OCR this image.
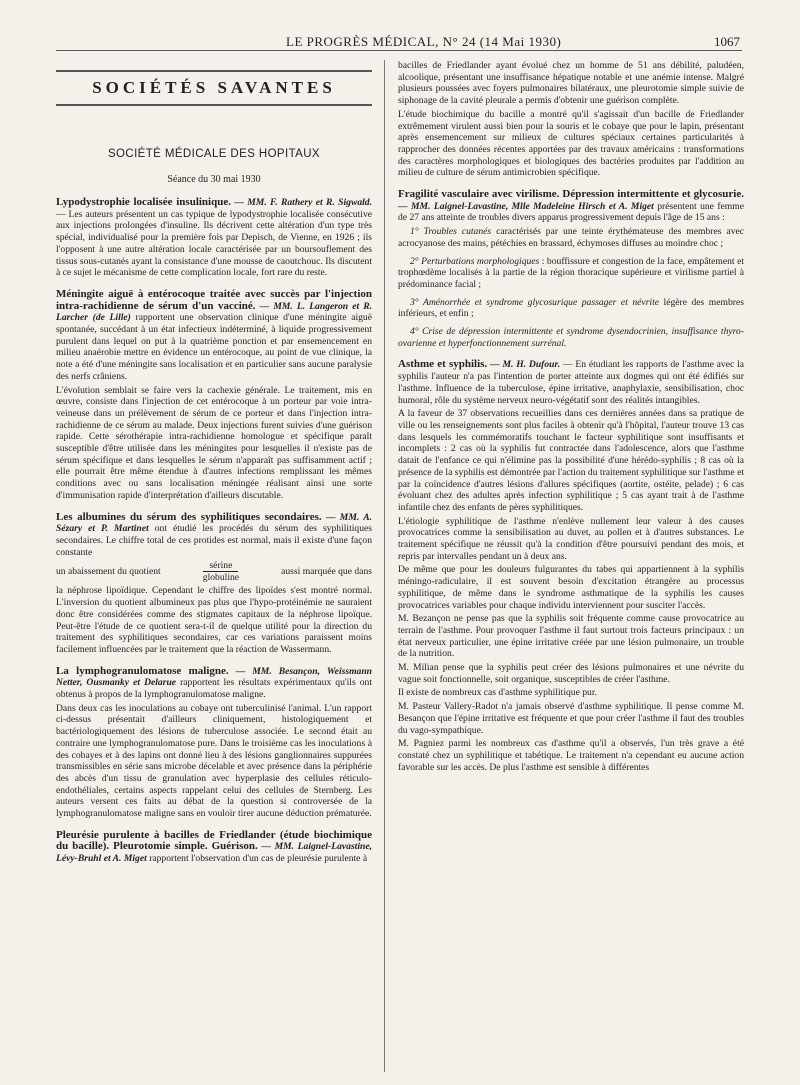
LE PROGRÈS MÉDICAL, N° 24 (14 Mai 1930)	1067
SOCIÉTÉS SAVANTES
SOCIÉTÉ MÉDICALE DES HOPITAUX
Séance du 30 mai 1930

Lypodystrophie localisée insulinique. — MM. F. Rathery et R. Sigwald. — Les auteurs présentent un cas typique de lypodystrophie localisée consécutive aux injections prolongées d'insuline. Ils décrivent cette altération d'un type très spécial, individualisé pour la première fois par Depisch, de Vienne, en 1926 ; ils l'opposent à une autre altération locale caractérisée par un boursouflement des tissus sous-cutanés ayant la consistance d'une mousse de caoutchouc. Ils discutent à ce sujet le mécanisme de cette complication locale, fort rare du reste.

Méningite aiguë à entérocoque traitée avec succès par l'injection intra-rachidienne de sérum d'un vacciné. — MM. L. Langeron et R. Larcher (de Lille) rapportent une observation clinique d'une méningite aiguë spontanée, succédant à un état infectieux indéterminé, à liquide progressivement purulent dans lequel on put à la quatrième ponction et par ensemencement en milieu anaérobie mettre en évidence un entérocoque, au point de vue clinique, la note a été d'une méningite sans localisation et en particulier sans aucune paralysie des nerfs crâniens.

L'évolution semblait se faire vers la cachexie générale. Le traitement, mis en œuvre, consiste dans l'injection de cet entérocoque à un porteur par voie intra-veineuse dans un prélèvement de sérum de ce porteur et dans l'injection intra-rachidienne de ce sérum au malade. Deux injections furent suivies d'une guérison rapide. Cette sérothérapie intra-rachidienne homologue et spécifique paraît susceptible d'être utilisée dans les méningites pour lesquelles il n'existe pas de sérum spécifique et dans lesquelles le sérum n'apparaît pas suffisamment actif ; elle pourrait être même étendue à d'autres infections remplissant les mêmes conditions avec ou sans localisation méningée réalisant ainsi une sorte d'immunisation rapide d'interprétation d'ailleurs discutable.

Les albumines du sérum des syphilitiques secondaires. — MM. A. Sézary et P. Martinet ont étudié les procédés du sérum des syphilitiques secondaires. Le chiffre total de ces protides est normal, mais il existe d'une façon constante

un abaissement du quotient	$\frac{\text{sérine}}{\text{globuline}}$	aussi marquée que dans

la néphrose lipoïdique. Cependant le chiffre des lipoïdes s'est montré normal. L'inversion du quotient albumineux pas plus que l'hypo-protéinémie ne sauraient donc être considérées comme des stigmates capitaux de la néphrose lipoïque. Peut-être l'étude de ce quotient sera-t-il de quelque utilité pour la direction du traitement des syphilitiques secondaires, car ces variations paraissent moins facilement influencées par le traitement que la réaction de Wassermann.

La lymphogranulomatose maligne. — MM. Besançon, Weissmann Netter, Ousmanky et Delarue rapportent les résultats expérimentaux qu'ils ont obtenus à propos de la lymphogranulomatose maligne.

Dans deux cas les inoculations au cobaye ont tuberculinisé l'animal. L'un rapport ci-dessus présentait d'ailleurs cliniquement, histologiquement et bactériologiquement des lésions de tuberculose associée. Le second était au contraire une lymphogranulomatose pure. Dans le troisième cas les inoculations à des cobayes et à des lapins ont donné lieu à des lésions ganglionnaires suppurées transmissibles en série sans microbe décelable et avec présence dans la périphérie des abcès d'un tissu de granulation avec hyperplasie des cellules réticulo-endothéliales, certains aspects rappelant celui des cellules de Sternberg. Les auteurs versent ces faits au débat de la question si controversée de la lymphogranulomatose maligne sans en vouloir tirer aucune déduction prématurée.

Pleurésie purulente à bacilles de Friedlander (étude biochimique du bacille). Pleurotomie simple. Guérison. — MM. Laignel-Lavastine, Lévy-Bruhl et A. Miget rapportent l'observation d'un cas de pleurésie purulente à

bacilles de Friedlander ayant évolué chez un homme de 51 ans débilité, paludéen, alcoolique, présentant une insuffisance hépatique notable et une anémie intense. Malgré plusieurs poussées avec foyers pulmonaires bilatéraux, une pleurotomie simple suivie de siphonage de la cavité pleurale a permis d'obtenir une guérison complète.

L'étude biochimique du bacille a montré qu'il s'agissait d'un bacille de Friedlander extrêmement virulent aussi bien pour la souris et le cobaye que pour le lapin, présentant après ensemencement sur milieux de cultures spéciaux certaines particularités à rapprocher des données récentes apportées par des travaux américains : transformations des caractères morphologiques et biologiques des bactéries produites par l'addition au milieu de culture de sérum antimicrobien spécifique.

Fragilité vasculaire avec virilisme. Dépression intermittente et glycosurie. — MM. Laignel-Lavastine, Mlle Madeleine Hirsch et A. Miget présentent une femme de 27 ans atteinte de troubles divers apparus progressivement depuis l'âge de 15 ans :

1° Troubles cutanés caractérisés par une teinte érythémateuse des membres avec acrocyanose des mains, pétéchies en brassard, échymoses diffuses au moindre choc ;
2° Perturbations morphologiques : bouffissure et congestion de la face, empâtement et trophœdème localisés à la partie de la région thoracique supérieure et virilisme partiel à prédominance facial ;
3° Aménorrhée et syndrome glycosurique passager et névrite légère des membres inférieurs, et enfin ;
4° Crise de dépression intermittente et syndrome dysendocrinien, insuffisance thyro-ovarienne et hyperfonctionnement surrénal.

Asthme et syphilis. — M. H. Dufour. — En étudiant les rapports de l'asthme avec la syphilis l'auteur n'a pas l'intention de porter atteinte aux dogmes qui ont été édifiés sur l'asthme. Influence de la tuberculose, épine irritative, anaphylaxie, sensibilisation, choc humoral, rôle du système nerveux neuro-végétatif sont des réalités intangibles.

A la faveur de 37 observations recueillies dans ces dernières années dans sa pratique de ville ou les renseignements sont plus faciles à obtenir qu'à l'hôpital, l'auteur trouve 13 cas dans lesquels les commémoratifs touchant le facteur syphilitique sont insuffisants et incomplets : 2 cas où la syphilis fut contractée dans l'adolescence, alors que l'asthme datait de l'enfance ce qui n'élimine pas la possibilité d'une hérédo-syphilis ; 8 cas où la présence de la syphilis est démontrée par l'action du traitement syphilitique sur l'asthme et par la coïncidence d'autres lésions d'allures spécifiques (aortite, ostéite, pelade) ; 6 cas évoluant chez des adultes après infection syphilitique ; 5 cas ayant trait à de l'asthme infantile chez des enfants de pères syphilitiques.

L'étiologie syphilitique de l'asthme n'enlève nullement leur valeur à des causes provocatrices comme la sensibilisation au duvet, au pollen et à d'autres substances. Le traitement spécifique ne réussit qu'à la condition d'être poursuivi pendant des mois, et repris par intervalles pendant un à deux ans.

De même que pour les douleurs fulgurantes du tabes qui appartiennent à la syphilis méningo-radiculaire, il est souvent besoin d'excitation étrangère au processus syphilitique, de même dans le syndrome asthmatique de la syphilis les causes provocatrices variables pour chaque individu interviennent pour susciter l'accès.

M. Bezançon ne pense pas que la syphilis soit fréquente comme cause provocatrice au terrain de l'asthme. Pour provoquer l'asthme il faut surtout trois facteurs principaux : un état nerveux particulier, une épine irritative créée par une lésion pulmonaire, un trouble de la nutrition.

M. Milian pense que la syphilis peut créer des lésions pulmonaires et une névrite du vague soit fonctionnelle, soit organique, susceptibles de créer l'asthme.

Il existe de nombreux cas d'asthme syphilitique pur.

M. Pasteur Vallery-Radot n'a jamais observé d'asthme syphilitique. Il pense comme M. Besançon que l'épine irritative est fréquente et que pour créer l'asthme il faut des troubles du vago-sympathique.

M. Pagniez parmi les nombreux cas d'asthme qu'il a observés, l'un très grave a été constaté chez un syphilitique et tabétique. Le traitement n'a cependant eu aucune action favorable sur les accès. De plus l'asthme est sensible à différentes
